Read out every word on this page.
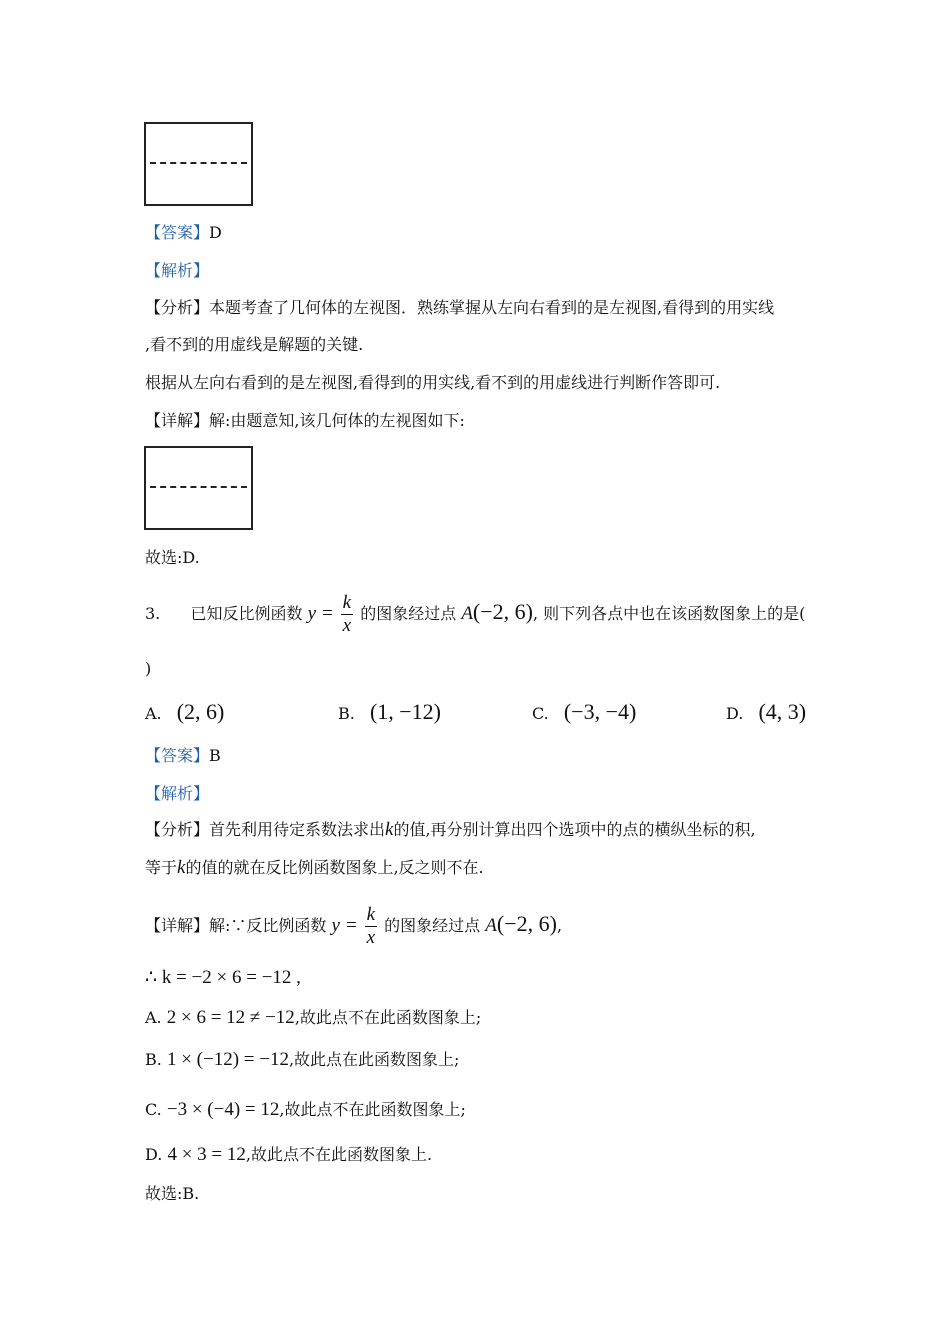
【答案】D
【解析】
【分析】本题考查了几何体的左视图．熟练掌握从左向右看到的是左视图,看得到的用实线
,看不到的用虚线是解题的关键.
根据从左向右看到的是左视图,看得到的用实线,看不到的用虚线进行判断作答即可.
【详解】解:由题意知,该几何体的左视图如下:
故选:D.
3. 已知反比例函数 $y = \frac{k}{x}$ 的图象经过点 A(−2, 6), 则下列各点中也在该函数图象上的是(
)
A. (2, 6)	B. (1, −12)	C. (−3, −4)	D. (4, 3)
【答案】B
【解析】
【分析】首先利用待定系数法求出k的值,再分别计算出四个选项中的点的横纵坐标的积,
等于k的值的就在反比例函数图象上,反之则不在.
【详解】解:∵反比例函数 $y = \frac{k}{x}$ 的图象经过点 A(−2, 6),
∴ k = −2 × 6 = −12 ,
A. 2 × 6 = 12 ≠ −12,故此点不在此函数图象上;
B. 1 × (−12) = −12,故此点在此函数图象上;
C. −3 × (−4) = 12,故此点不在此函数图象上;
D. 4 × 3 = 12,故此点不在此函数图象上.
故选:B.
